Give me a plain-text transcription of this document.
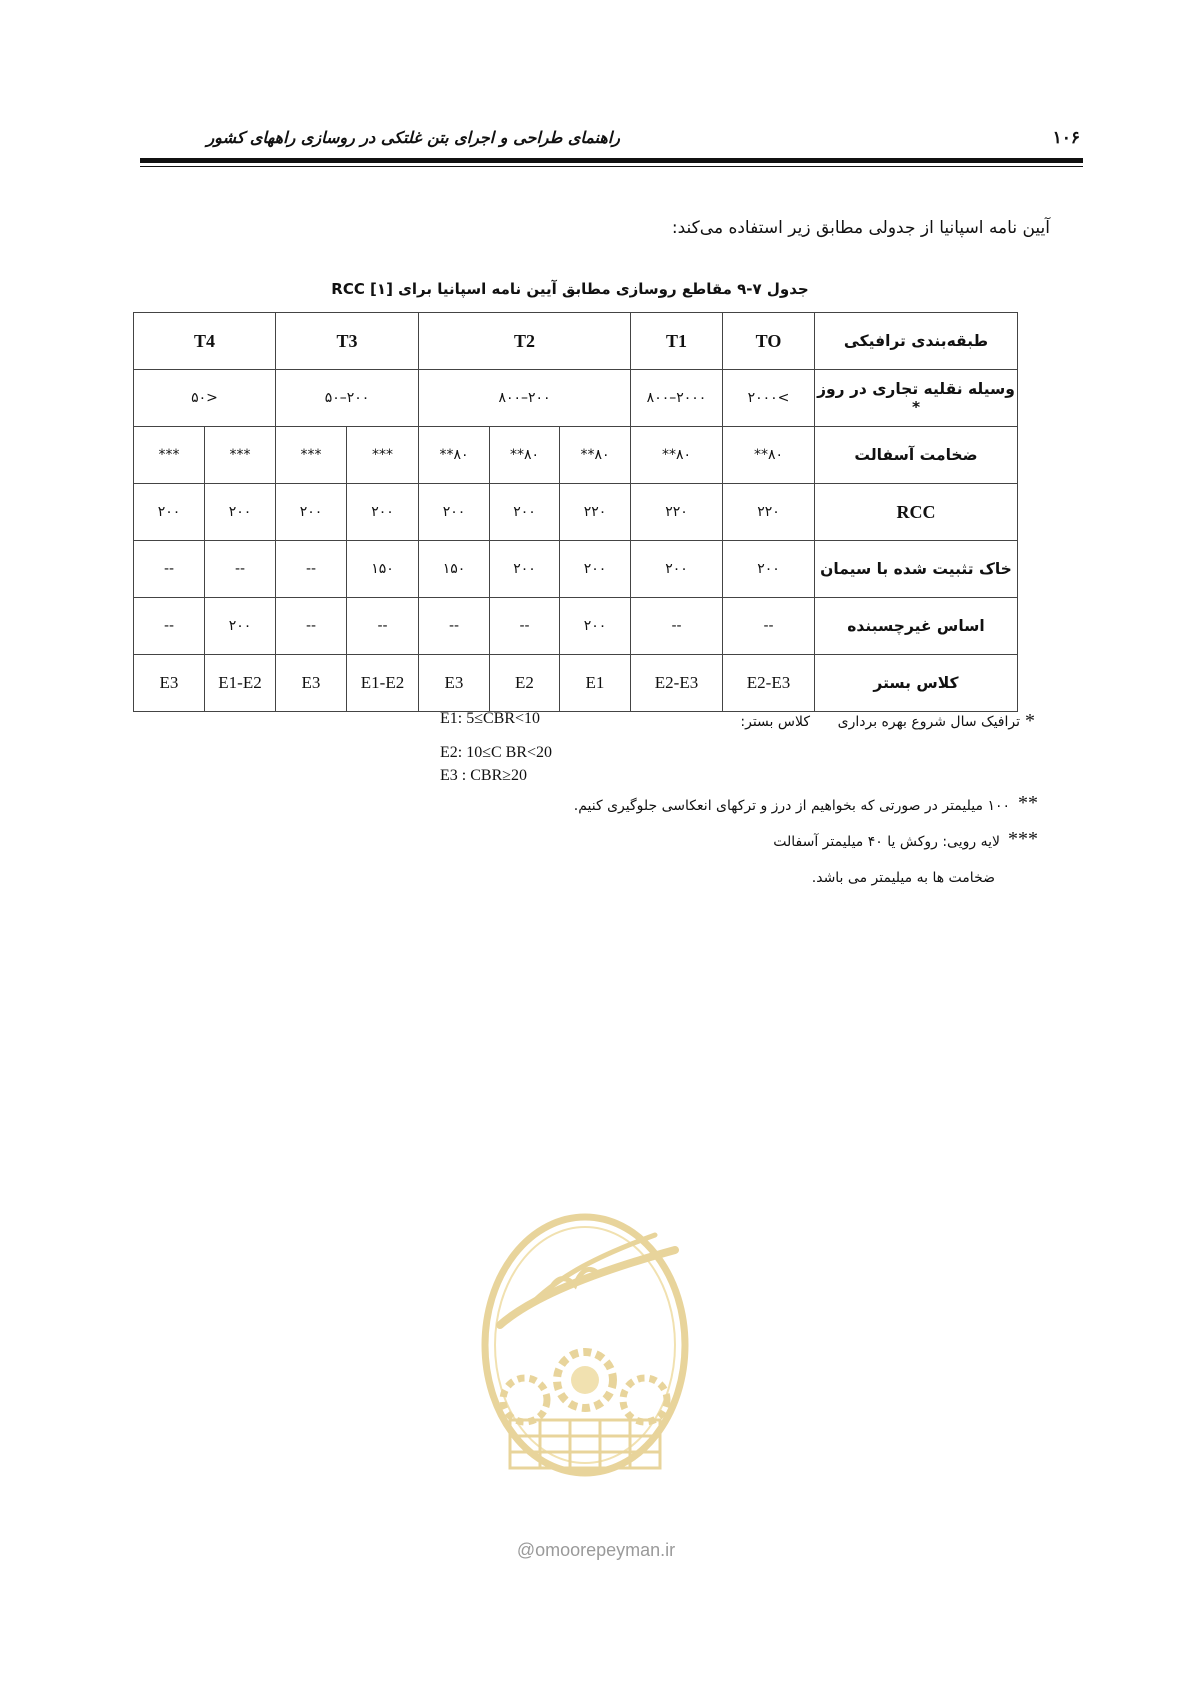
۱۰۶
راهنمای طراحی و اجرای بتن غلتکی در روسازی راههای کشور
آیین نامه اسپانیا از جدولی مطابق زیر استفاده می‌کند:
جدول ۷-۹ مقاطع روسازی مطابق آیین نامه اسپانیا برای RCC [۱]
طبقه‌بندی ترافیکی	TO	T1	T2			T3		T4	
وسیله نقلیه تجاری در روز *	>۲۰۰۰	۲۰۰۰–۸۰۰	۲۰۰–۸۰۰			۲۰۰–۵۰		<۵۰	
ضخامت آسفالت	۸۰**	۸۰**	۸۰**	۸۰**	۸۰**	***	***	***	***
RCC	۲۲۰	۲۲۰	۲۲۰	۲۰۰	۲۰۰	۲۰۰	۲۰۰	۲۰۰	۲۰۰
خاک تثبیت شده با سیمان	۲۰۰	۲۰۰	۲۰۰	۲۰۰	۱۵۰	۱۵۰	--	--	--
اساس غیرچسبنده	--	--	۲۰۰	--	--	--	--	۲۰۰	--
کلاس بستر	E2-E3	E2-E3	E1	E2	E3	E1-E2	E3	E1-E2	E3
*
ترافیک سال شروع بهره برداری
کلاس بستر:
E1: 5≤CBR<10
E2: 10≤C BR<20
E3 : CBR≥20
**
۱۰۰ میلیمتر در صورتی که بخواهیم از درز و ترکهای انعکاسی جلوگیری کنیم.
***
لایه رویی: روکش یا ۴۰ میلیمتر آسفالت
ضخامت ها به میلیمتر می باشد.
@omoorepeyman.ir
